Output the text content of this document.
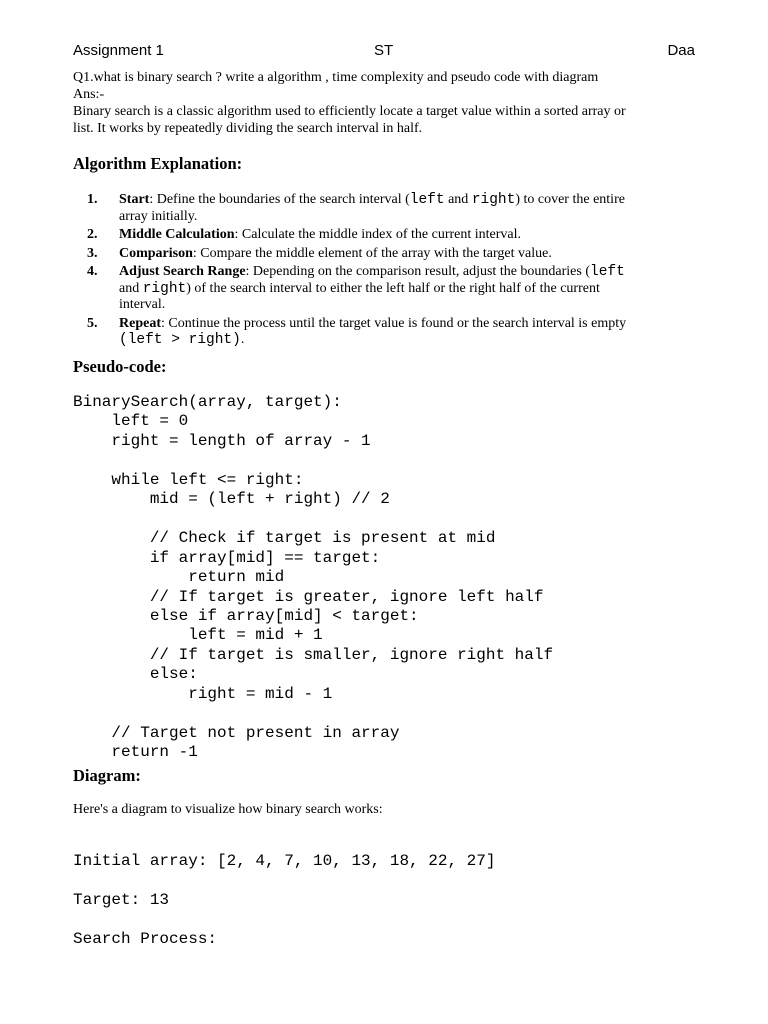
Assignment 1	ST	Daa
Q1.what is binary search ? write a algorithm , time complexity and pseudo code with diagram
Ans:-
Binary search is a classic algorithm used to efficiently locate a target value within a sorted array or
list. It works by repeatedly dividing the search interval in half.
Algorithm Explanation:
1. Start: Define the boundaries of the search interval (left and right) to cover the entire
array initially.
2. Middle Calculation: Calculate the middle index of the current interval.
3. Comparison: Compare the middle element of the array with the target value.
4. Adjust Search Range: Depending on the comparison result, adjust the boundaries (left
and right) of the search interval to either the left half or the right half of the current
interval.
5. Repeat: Continue the process until the target value is found or the search interval is empty
(left > right).
Pseudo-code:
BinarySearch(array, target):
left = 0
right = length of array - 1

while left <= right:
mid = (left + right) // 2

// Check if target is present at mid
if array[mid] == target:
return mid
// If target is greater, ignore left half
else if array[mid] < target:
left = mid + 1
// If target is smaller, ignore right half
else:
right = mid - 1

// Target not present in array
return -1
Diagram:
Here's a diagram to visualize how binary search works:
Initial array: [2, 4, 7, 10, 13, 18, 22, 27]
Target: 13
Search Process:
